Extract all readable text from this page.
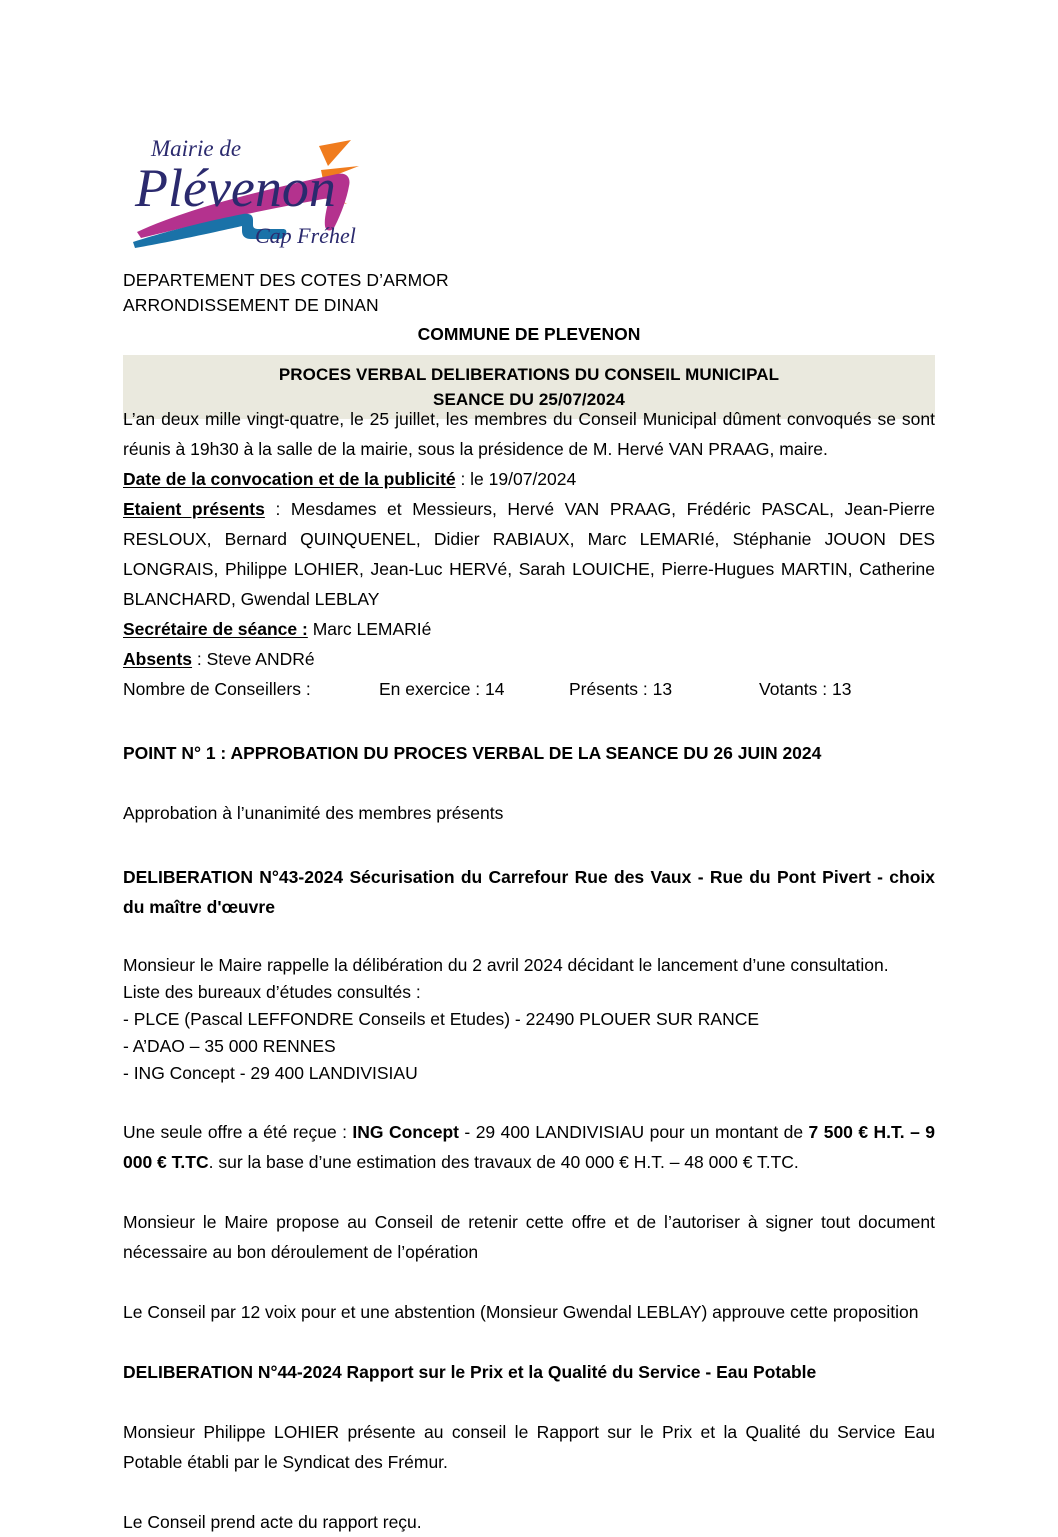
Mairie de
Plévenon
Cap Fréhel
DEPARTEMENT DES COTES D’ARMOR
ARRONDISSEMENT DE DINAN
COMMUNE DE PLEVENON
PROCES VERBAL DELIBERATIONS DU CONSEIL MUNICIPAL
SEANCE DU 25/07/2024

L’an deux mille vingt-quatre, le 25 juillet, les membres du Conseil Municipal dûment convoqués se sont réunis à 19h30 à la salle de la mairie, sous la présidence de M. Hervé VAN PRAAG, maire.

Date de la convocation et de la publicité : le 19/07/2024
Etaient présents : Mesdames et Messieurs, Hervé VAN PRAAG, Frédéric PASCAL, Jean-Pierre RESLOUX, Bernard QUINQUENEL, Didier RABIAUX, Marc LEMARIé, Stéphanie JOUON DES LONGRAIS, Philippe LOHIER, Jean-Luc HERVé, Sarah LOUICHE, Pierre-Hugues MARTIN, Catherine BLANCHARD, Gwendal LEBLAY
Secrétaire de séance : Marc LEMARIé
Absents : Steve ANDRé
Nombre de Conseillers :	En exercice : 14	Présents : 13	Votants : 13
POINT N° 1 : APPROBATION DU PROCES VERBAL DE LA SEANCE DU 26 JUIN 2024
Approbation à l’unanimité des membres présents
DELIBERATION N°43-2024 Sécurisation du Carrefour Rue des Vaux - Rue du Pont Pivert - choix du maître d'œuvre
Monsieur le Maire rappelle la délibération du 2 avril 2024 décidant le lancement d’une consultation.
Liste des bureaux d’études consultés :
- PLCE (Pascal LEFFONDRE Conseils et Etudes) - 22490 PLOUER SUR RANCE
- A’DAO – 35 000 RENNES
- ING Concept - 29 400 LANDIVISIAU
Une seule offre a été reçue : ING Concept - 29 400 LANDIVISIAU pour un montant de 7 500 € H.T. – 9 000 € T.TC. sur la base d’une estimation des travaux de 40 000 € H.T. – 48 000 € T.TC.
Monsieur le Maire propose au Conseil de retenir cette offre et de l’autoriser à signer tout document nécessaire au bon déroulement de l’opération
Le Conseil par 12 voix pour et une abstention (Monsieur Gwendal LEBLAY) approuve cette proposition
DELIBERATION N°44-2024 Rapport sur le Prix et la Qualité du Service - Eau Potable
Monsieur Philippe LOHIER présente au conseil le Rapport sur le Prix et la Qualité du Service Eau Potable établi par le Syndicat des Frémur.
Le Conseil prend acte du rapport reçu.
